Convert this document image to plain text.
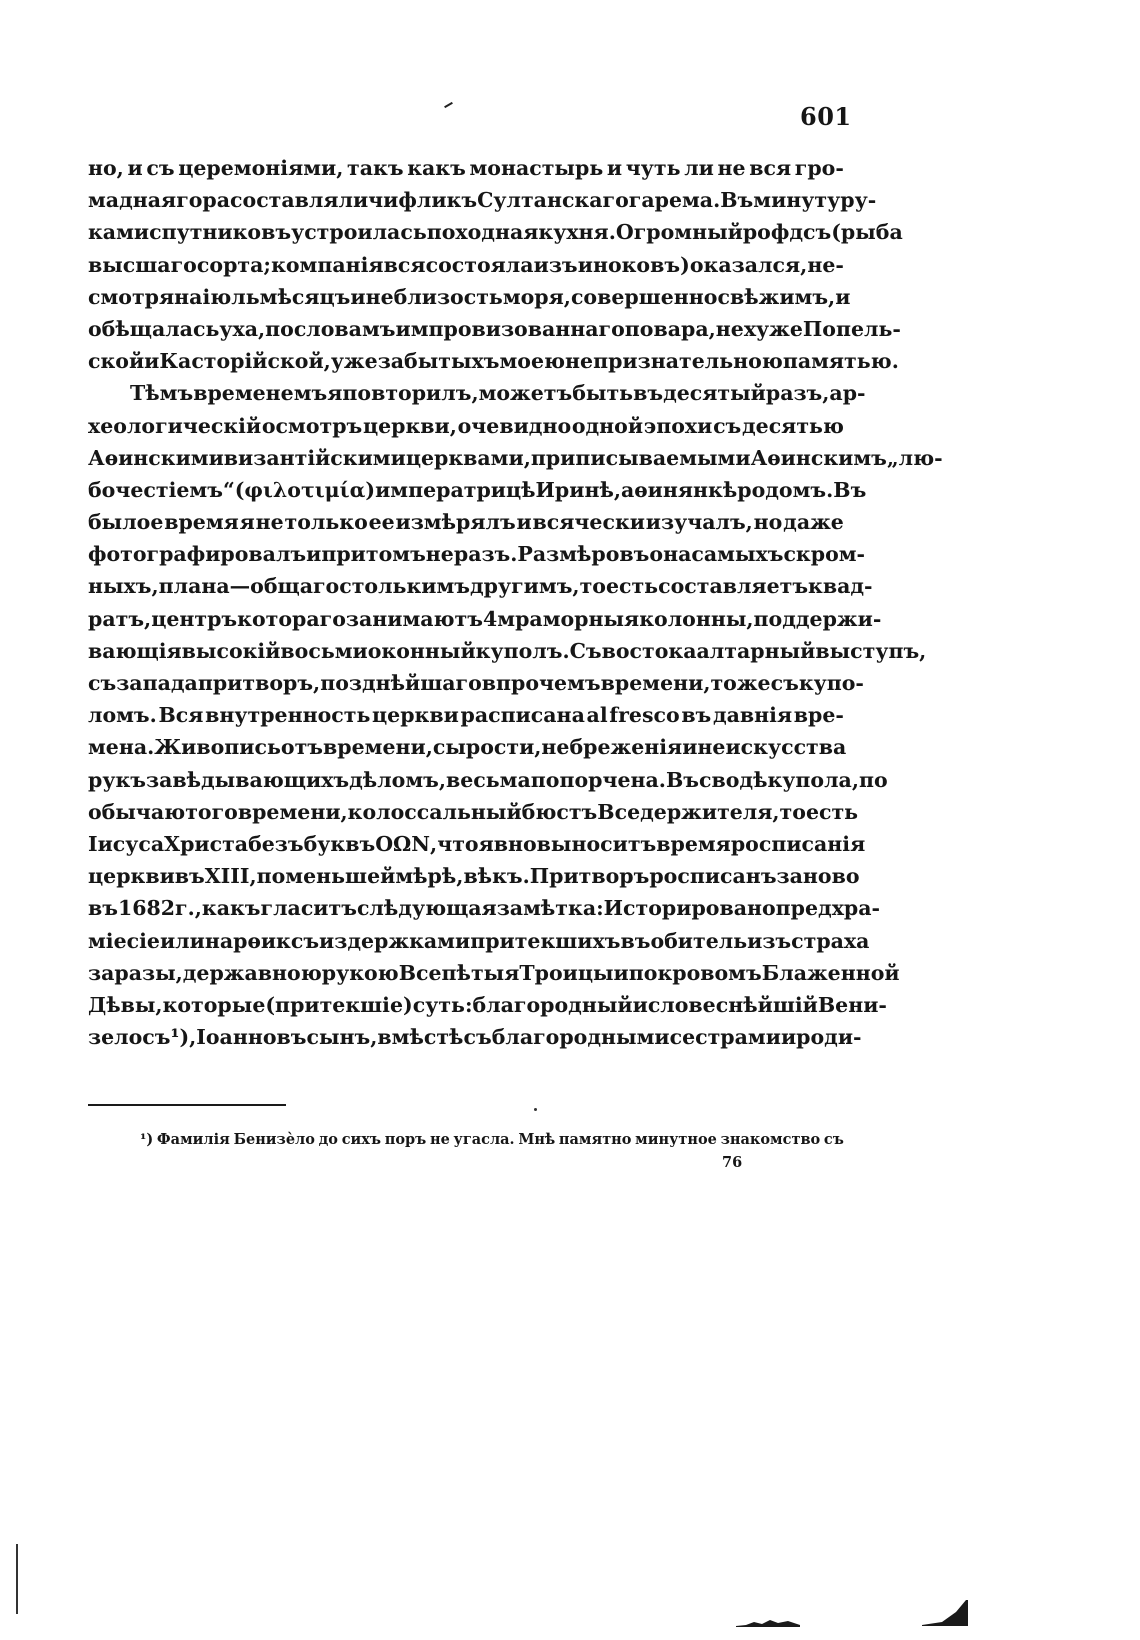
601
но, и съ церемоніями, такъ какъ монастырь и чуть ли не вся гро-
мадная гора составляли чифликъ Султанскаго гарема. Въ минуту ру-
ками спутниковъ устроилась походная кухня. Огромный рофдсъ (рыба
высшаго сорта; компанія вся состояла изъ иноковъ) оказался, не-
смотря на іюль мѣсяцъ и не близость моря, совершенно свѣжимъ, и
обѣщалась уха, по словамъ импровизованнаго повара, не хуже Попель-
ской и Касторійской, уже забытыхъ моею непризнательною памятью.
Тѣмъ временемъ я повторилъ, можетъ быть въ десятый разъ, ар-
хеологическій осмотръ церкви, очевидно одной эпохи съ десятью
Аѳинскими византійскими церквами, приписываемыми Аѳинскимъ „лю-
бочестіемъ“ (φιλοτιμία) императрицѣ Иринѣ, аѳинянкѣ родомъ. Въ
былое время я не только ее измѣрялъ и всячески изучалъ, но даже
фотографировалъ и притомъ не разъ. Размѣровъ она самыхъ скром-
ныхъ, плана — общаго столькимъ другимъ, то есть составляетъ квад-
ратъ, центръ котораго занимаютъ 4 мраморныя колонны, поддержи-
вающія высокій восьмиоконный куполъ. Съ востока алтарный выступъ,
съ запада притворъ, позднѣйшаго впрочемъ времени, тоже съ купо-
ломъ. Вся внутренность церкви расписана al fresco въ давнія вре-
мена. Живопись отъ времени, сырости, небреженія и неискусства
рукъ завѣдывающихъ дѣломъ, весьма попорчена. Въ сводѣ купола, по
обычаю того времени, колоссальный бюстъ Вседержителя, то есть
Іисуса Христа безъ буквъ ΟΩΝ, что явно выноситъ время росписанія
церкви въ XIII, по меньшей мѣрѣ, вѣкъ. Притворъ росписанъ заново
въ 1682 г., какъ гласитъ слѣдующая замѣтка: Историровано предхра-
міе сіе или нарѳиксъ издержками притекшихъ въ обитель изъ страха
заразы, державною рукою Всепѣтыя Троицы и покровомъ Блаженной
Дѣвы, которые (притекшіе) суть: благородный и словеснѣйшій Вени-
зелосъ ¹), Іоанновъ сынъ, вмѣстѣ съ благородными сестрами и роди-
¹) Фамилія Бенизѐло до сихъ поръ не угасла. Мнѣ памятно минутное знакомство съ
76
